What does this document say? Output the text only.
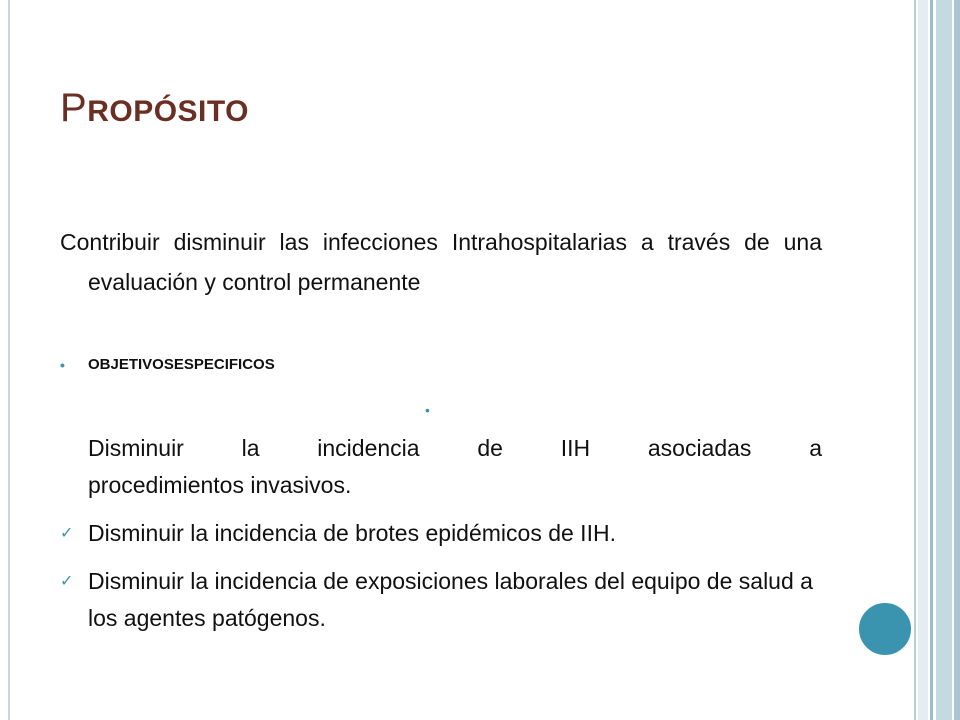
PROPÓSITO

Contribuir disminuir las infecciones Intrahospitalarias a través de una evaluación y control permanente

•	OBJETIVOSESPECIFICOS
•
Disminuir	la	incidencia	de	IIH	asociadas	a
procedimientos invasivos.
✓ Disminuir la incidencia de brotes epidémicos de IIH.
✓ Disminuir la incidencia de exposiciones laborales del equipo de salud a los agentes patógenos.
